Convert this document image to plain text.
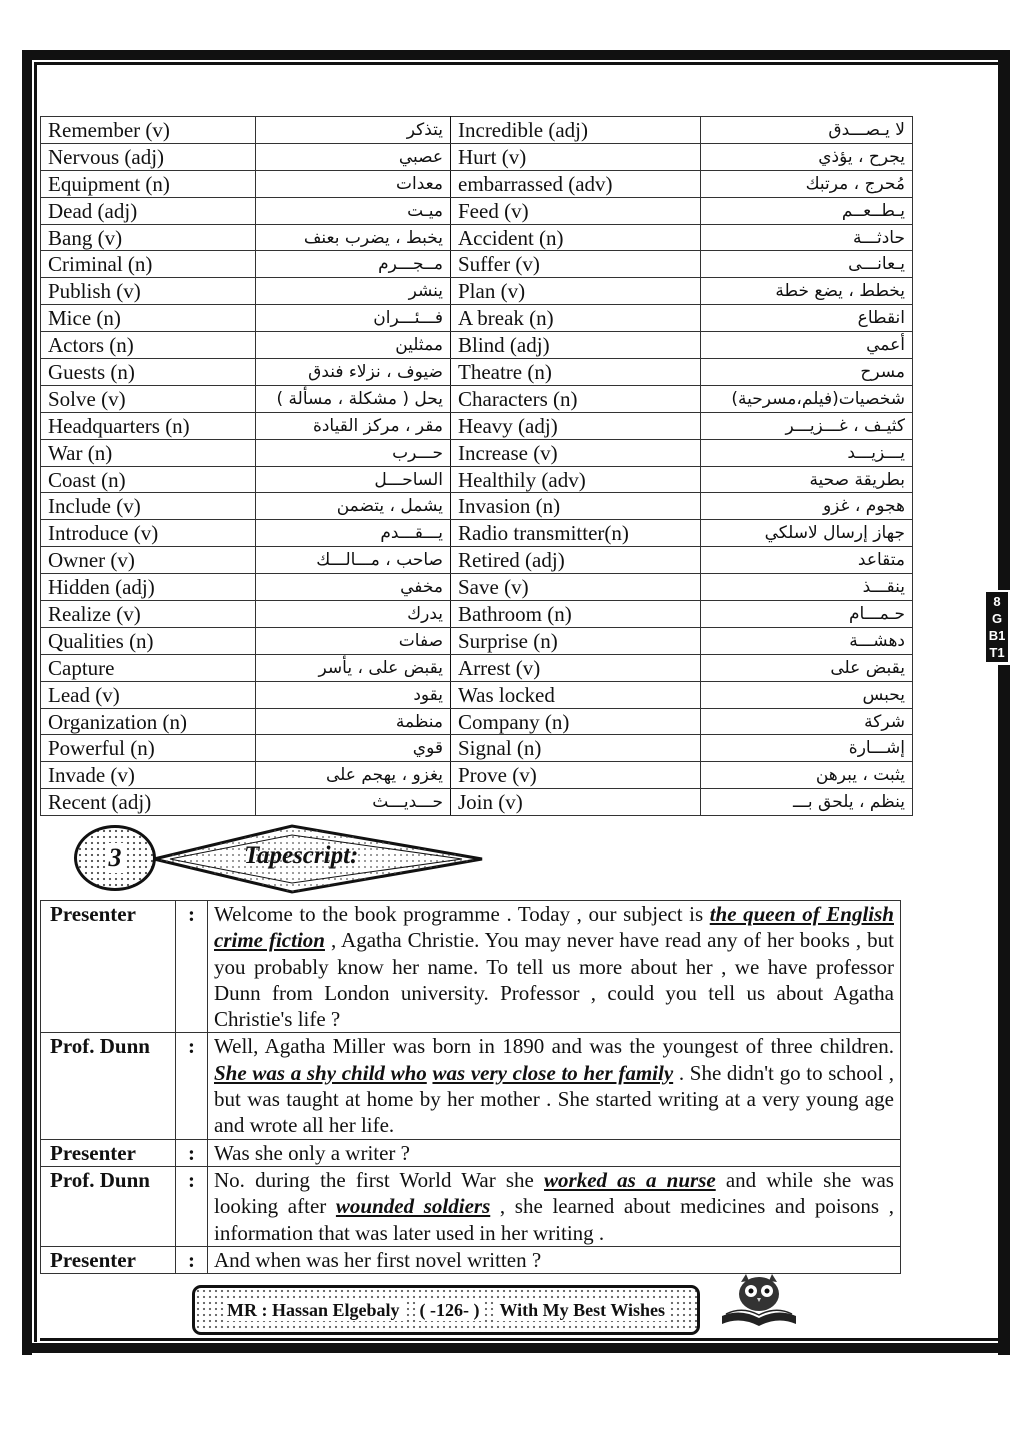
8
G
B1
T1
Remember (v)	يتذكر	Incredible (adj)	لا يـصـــدق
Nervous (adj)	عصبي	Hurt (v)	يجرح ، يؤذي
Equipment (n)	معدات	embarrassed (adv)	مُحرج ، مرتبك
Dead (adj)	ميـت	Feed (v)	يـطــعــم
Bang (v)	يخبط ، يضرب بعنف	Accident (n)	حادثـــة
Criminal (n)	مــجـــرم	Suffer (v)	يـعانـــى
Publish (v)	ينشر	Plan (v)	يخطط ، يضع خطة
Mice (n)	فـــئـــران	A break (n)	انقطاع
Actors (n)	ممثلين	Blind (adj)	أعمي
Guests (n)	ضيوف ، نزلاء فندق	Theatre (n)	مسرح
Solve (v)	يحل ( مشكلة ، مسألة )	Characters (n)	شخصيات(فيلم،مسرحية)
Headquarters (n)	مقر ، مركز القيادة	Heavy (adj)	كثيـف ، غـــزيـــر
War (n)	حـــرب	Increase (v)	يـــزيـــد
Coast (n)	الساحـــل	Healthily (adv)	بطريقة صحية
Include (v)	يشمل ، يتضمن	Invasion (n)	هجوم ، غزو
Introduce (v)	يـــقـــدم	Radio transmitter(n)	جهاز إرسال لاسلكي
Owner (v)	صاحب ، مـــالـــك	Retired (adj)	متقاعد
Hidden (adj)	مخفي	Save (v)	ينقـــذ
Realize (v)	يدرك	Bathroom (n)	حـمـــام
Qualities (n)	صفات	Surprise (n)	دهشـــة
Capture	يقبض على ، يأسر	Arrest (v)	يقبض على
Lead (v)	يقود	Was locked	يحبس
Organization (n)	منظمة	Company (n)	شركة
Powerful (n)	قوي	Signal (n)	إشـــارة
Invade (v)	يغزو ، يهجم على	Prove (v)	يثبت ، يبرهن
Recent (adj)	حـــديـــث	Join (v)	ينظم ، يلحق بـــ
3	Tapescript:
Presenter	:	Welcome to the book programme . Today , our subject is the queen of English crime fiction , Agatha Christie. You may never have read any of her books , but you probably know her name. To tell us more about her , we have professor Dunn from London university. Professor , could you tell us about Agatha Christie's life ?
Prof. Dunn	:	Well, Agatha Miller was born in 1890 and was the youngest of three children. She was a shy child who was very close to her family . She didn't go to school , but was taught at home by her mother . She started writing at a very young age and wrote all her life.
Presenter	:	Was she only a writer ?
Prof. Dunn	:	No. during the first World War she worked as a nurse and while she was looking after wounded soldiers , she learned about medicines and poisons , information that was later used in her writing .
Presenter	:	And when was her first novel written ?
MR : Hassan Elgebaly ( -126- ) With My Best Wishes
